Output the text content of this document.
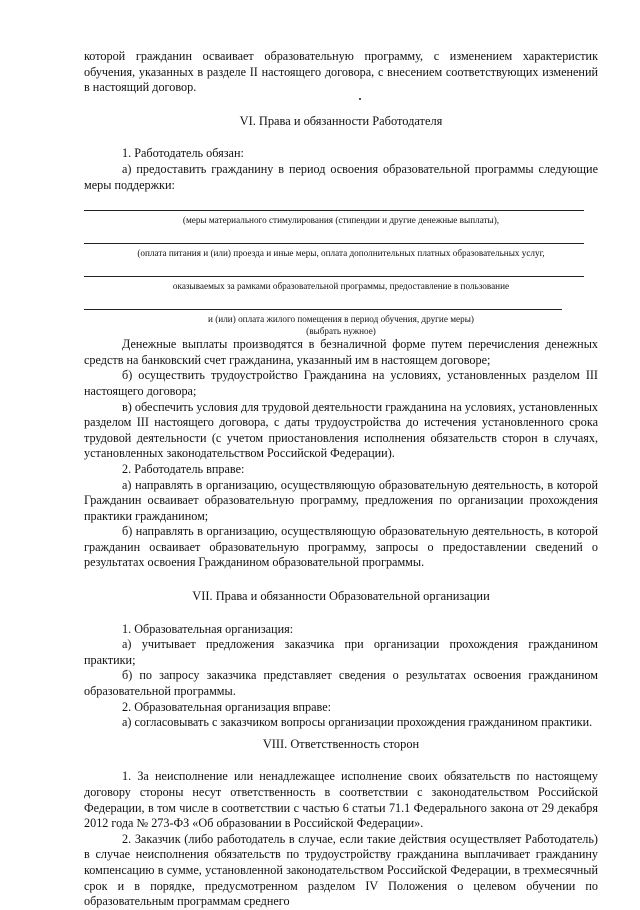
которой гражданин осваивает образовательную программу, с изменением характеристик обучения, указанных в разделе II настоящего договора, с внесением соответствующих изменений в настоящий договор.

VI. Права и обязанности Работодателя

1. Работодатель обязан:

а) предоставить гражданину в период освоения образовательной программы следующие меры поддержки:

(меры материального стимулирования (стипендии и другие денежные выплаты),
(оплата питания и (или) проезда и иные меры, оплата дополнительных платных образовательных услуг,
оказываемых за рамками образовательной программы, предоставление в пользование
и (или) оплата жилого помещения в период обучения, другие меры)
(выбрать нужное)

Денежные выплаты производятся в безналичной форме путем перечисления денежных средств на банковский счет гражданина, указанный им в настоящем договоре;

б) осуществить трудоустройство Гражданина на условиях, установленных разделом III настоящего договора;

в) обеспечить условия для трудовой деятельности гражданина на условиях, установленных разделом III настоящего договора, с даты трудоустройства до истечения установленного срока трудовой деятельности (с учетом приостановления исполнения обязательств сторон в случаях, установленных законодательством Российской Федерации).

2. Работодатель вправе:

а) направлять в организацию, осуществляющую образовательную деятельность, в которой Гражданин осваивает образовательную программу, предложения по организации прохождения практики гражданином;

б) направлять в организацию, осуществляющую образовательную деятельность, в которой гражданин осваивает образовательную программу, запросы о предоставлении сведений о результатах освоения Гражданином образовательной программы.

VII. Права и обязанности Образовательной организации

1. Образовательная организация:

а) учитывает предложения заказчика при организации прохождения гражданином практики;

б) по запросу заказчика представляет сведения о результатах освоения гражданином образовательной программы.

2. Образовательная организация вправе:

а) согласовывать с заказчиком вопросы организации прохождения гражданином практики.

VIII. Ответственность сторон

1. За неисполнение или ненадлежащее исполнение своих обязательств по настоящему договору стороны несут ответственность в соответствии с законодательством Российской Федерации, в том числе в соответствии с частью 6 статьи 71.1 Федерального закона от 29 декабря 2012 года № 273-ФЗ «Об образовании в Российской Федерации».

2. Заказчик (либо работодатель в случае, если такие действия осуществляет Работодатель) в случае неисполнения обязательств по трудоустройству гражданина выплачивает гражданину компенсацию в сумме, установленной законодательством Российской Федерации, в трехмесячный срок и в порядке, предусмотренном разделом IV Положения о целевом обучении по образовательным программам среднего
